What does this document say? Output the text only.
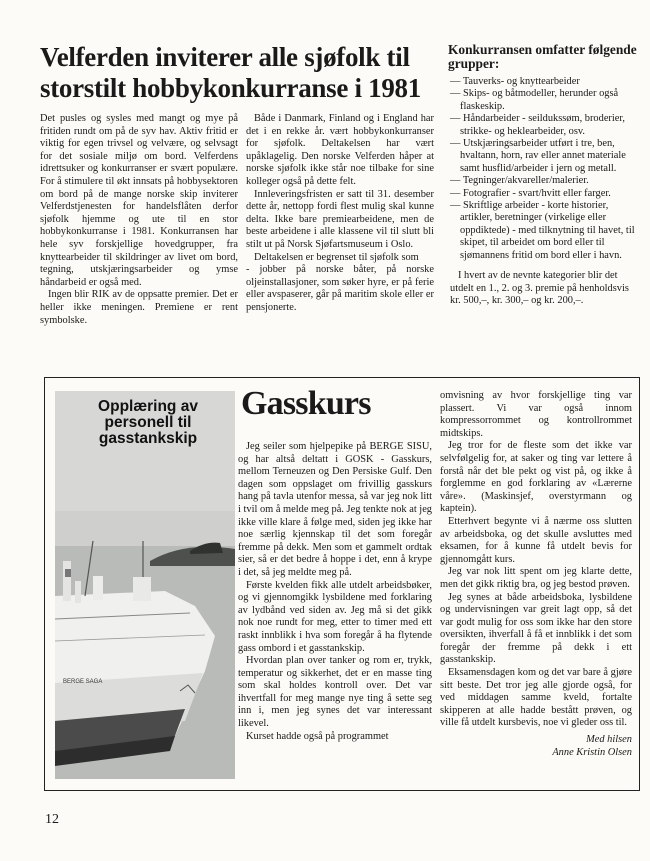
Velferden inviterer alle sjøfolk til storstilt hobbykonkurranse i 1981

Det pusles og sysles med mangt og mye på fritiden rundt om på de syv hav. Aktiv fritid er viktig for egen trivsel og velvære, og selvsagt for det sosiale miljø om bord. Velferdens idrettsuker og konkurranser er svært populære. For å stimulere til økt innsats på hobbysektoren om bord på de mange norske skip inviterer Velferdstjenesten for handelsflåten derfor sjøfolk hjemme og ute til en stor hobbykonkurranse i 1981. Konkurransen har hele syv forskjellige hovedgrupper, fra knyttearbeider til skildringer av livet om bord, tegning, utskjæringsarbeider og ymse håndarbeid er også med.

Ingen blir RIK av de oppsatte premier. Det er heller ikke meningen. Premiene er rent symbolske.

Både i Danmark, Finland og i England har det i en rekke år. vært hobbykonkurranser for sjøfolk. Deltakelsen har vært upåklagelig. Den norske Velferden håper at norske sjøfolk ikke står noe tilbake for sine kolleger også på dette felt.

Innleveringsfristen er satt til 31. desember dette år, nettopp fordi flest mulig skal kunne delta. Ikke bare premiearbeidene, men de beste arbeidene i alle klassene vil til slutt bli stilt ut på Norsk Sjøfartsmuseum i Oslo.

Deltakelsen er begrenset til sjøfolk som

- jobber på norske båter, på norske oljeinstallasjoner, som søker hyre, er på ferie eller avspaserer, går på maritim skole eller er pensjonerte.

Konkurransen omfatter følgende grupper:
— Tauverks- og knyttearbeider
— Skips- og båtmodeller, herunder også flaskeskip.
— Håndarbeider - seildukssøm, broderier, strikke- og heklearbeider, osv.
— Utskjæringsarbeider utført i tre, ben, hvaltann, horn, rav eller annet materiale samt husflid/arbeider i jern og metall.
— Tegninger/akvareller/malerier.
— Fotografier - svart/hvitt eller farger.
— Skriftlige arbeider - korte historier, artikler, beretninger (virkelige eller oppdiktede) - med tilknytning til havet, til skipet, til arbeidet om bord eller til sjømannens fritid om bord eller i havn.
I hvert av de nevnte kategorier blir det utdelt en 1., 2. og 3. premie på henholdsvis kr. 500,–, kr. 300,– og kr. 200,–.
BERGE SAGA
Opplæring av personell til gasstankskip
Gasskurs

Jeg seiler som hjelpepike på BERGE SISU, og har altså deltatt i GOSK - Gasskurs, mellom Terneuzen og Den Persiske Gulf. Den dagen som oppslaget om frivillig gasskurs hang på tavla utenfor messa, så var jeg nok litt i tvil om å melde meg på. Jeg tenkte nok at jeg ikke ville klare å følge med, siden jeg ikke har noe særlig kjennskap til det som foregår fremme på dekk. Men som et gammelt ordtak sier, så er det bedre å hoppe i det, enn å krype i det, så jeg meldte meg på.

Første kvelden fikk alle utdelt arbeidsbøker, og vi gjennomgikk lysbildene med forklaring av lydbånd ved siden av. Jeg må si det gikk nok noe rundt for meg, etter to timer med ett raskt innblikk i hva som foregår å ha flytende gass ombord i et gasstankskip.

Hvordan plan over tanker og rom er, trykk, temperatur og sikkerhet, det er en masse ting som skal holdes kontroll over. Det var ihvertfall for meg mange nye ting å sette seg inn i, men jeg synes det var interessant likevel.

Kurset hadde også på programmet

omvisning av hvor forskjellige ting var plassert. Vi var også innom kompressorrommet og kontrollrommet midtskips.

Jeg tror for de fleste som det ikke var selvfølgelig for, at saker og ting var lettere å forstå når det ble pekt og vist på, og ikke å forglemme en god forklaring av «Lærerne våre». (Maskinsjef, overstyrmann og kaptein).

Etterhvert begynte vi å nærme oss slutten av arbeidsboka, og det skulle avsluttes med eksamen, for å kunne få utdelt bevis for gjennomgått kurs.

Jeg var nok litt spent om jeg klarte dette, men det gikk riktig bra, og jeg bestod prøven.

Jeg synes at både arbeidsboka, lysbildene og undervisningen var greit lagt opp, så det var godt mulig for oss som ikke har den store oversikten, ihverfall å få et innblikk i det som foregår der fremme på dekk i ett gasstankskip.

Eksamensdagen kom og det var bare å gjøre sitt beste. Det tror jeg alle gjorde også, for ved middagen samme kveld, fortalte skipperen at alle hadde bestått prøven, og ville få utdelt kursbevis, noe vi gleder oss til.

Med hilsen
Anne Kristin Olsen
12
